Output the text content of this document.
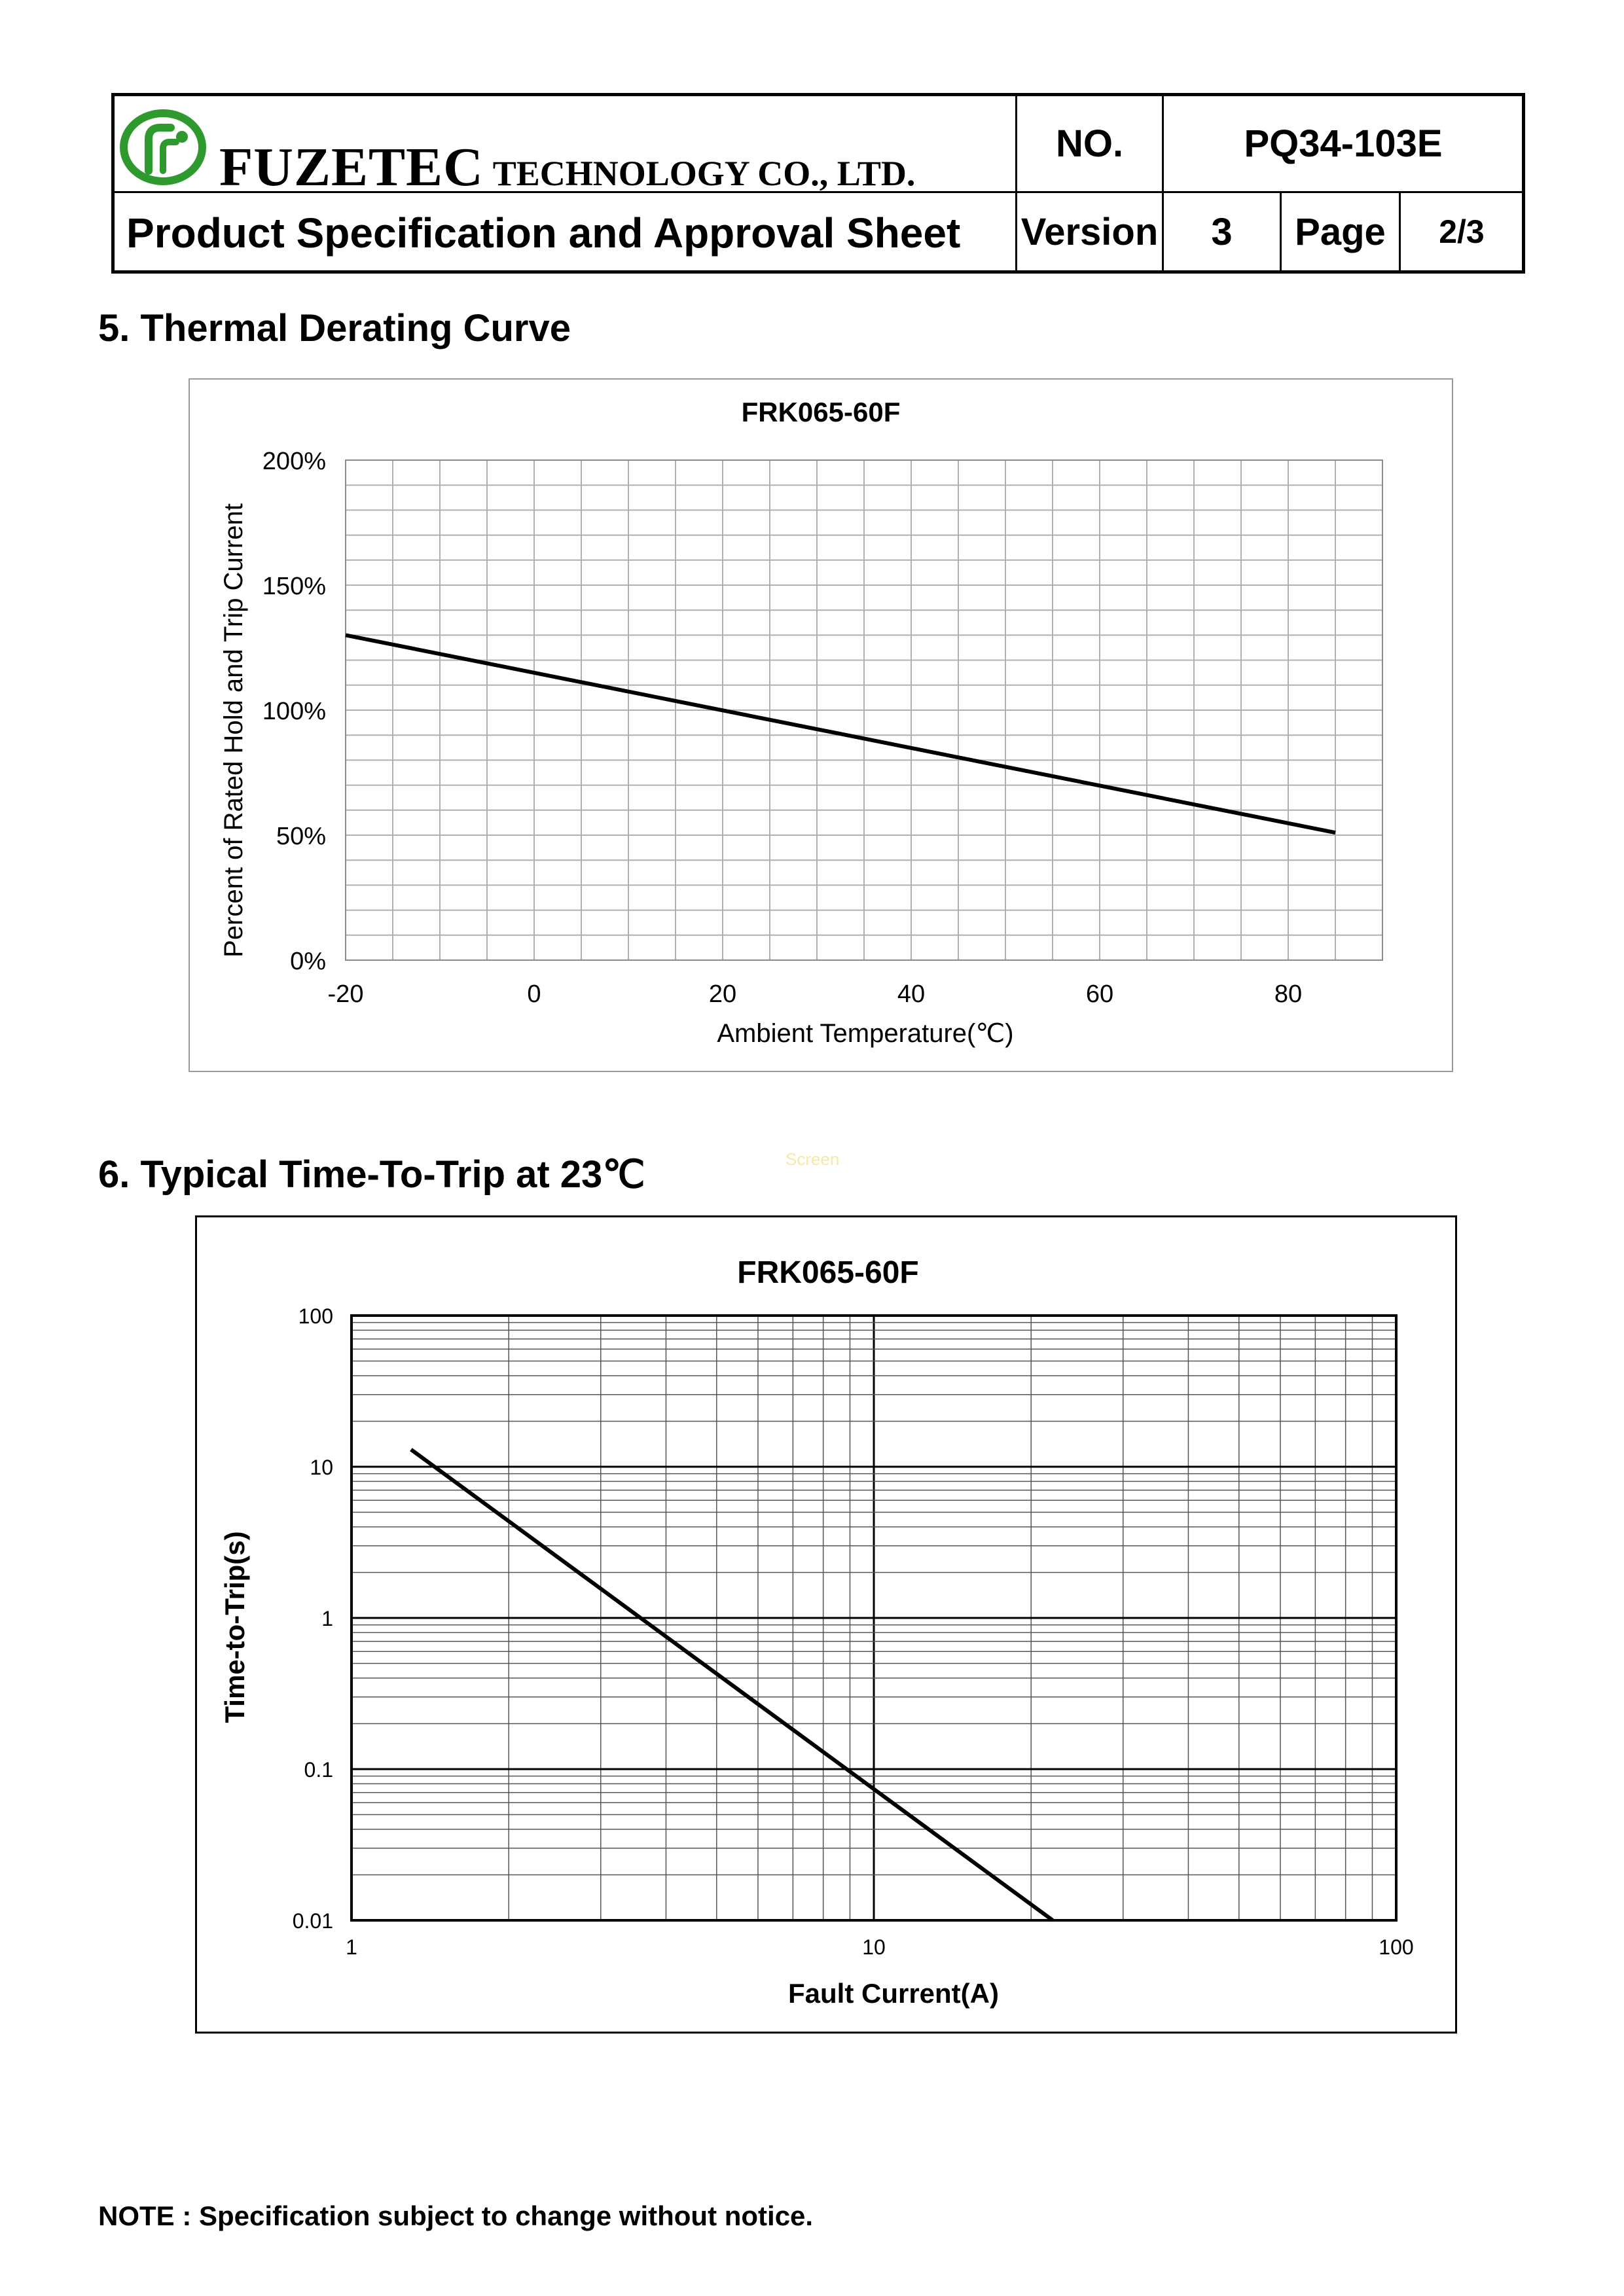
FUZETEC TECHNOLOGY CO., LTD.
Product Specification and Approval Sheet
NO.	PQ34-103E
Version	3	Page	2/3
5. Thermal Derating Curve
FRK065-60F
0%
50%
100%
150%
200%
-20	0	20	40	60	80
Ambient Temperature(℃)
Percent of Rated Hold and Trip Current
Screen
6. Typical Time-To-Trip at 23℃
FRK065-60F
0.01
0.1
1
10
100
1	10	100
Fault Current(A)
Time-to-Trip(s)
NOTE : Specification subject to change without notice.
